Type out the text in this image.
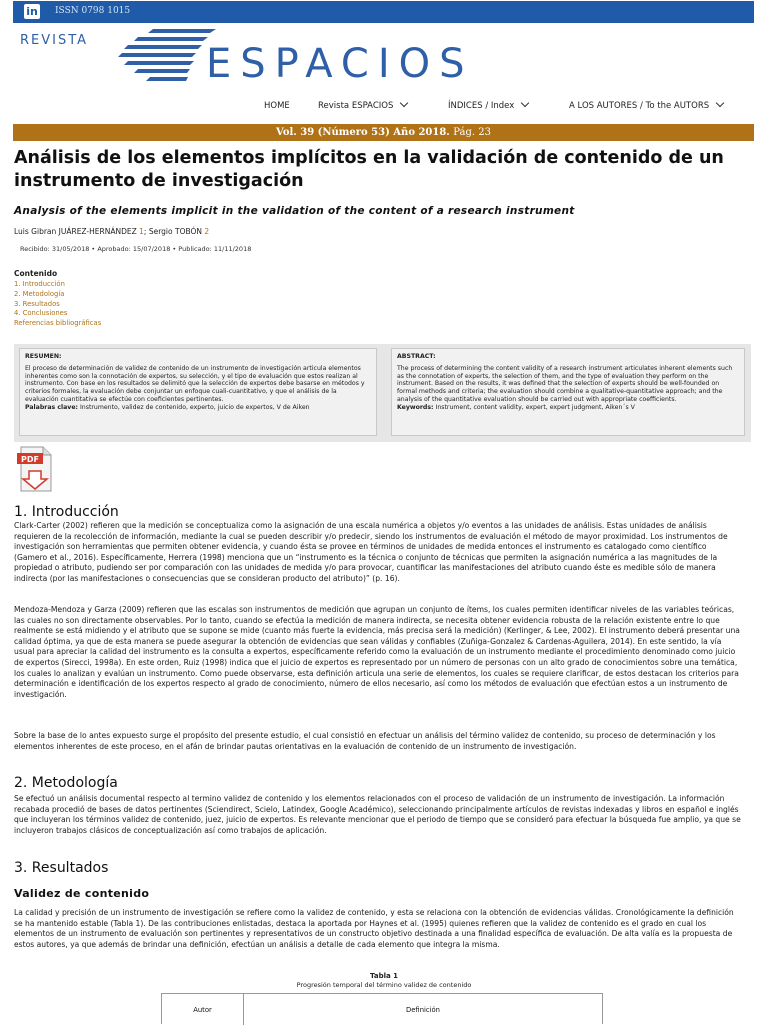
in ISSN 0798 1015
REVISTA
ESPACIOS
HOME	Revista ESPACIOS	ÍNDICES / Index	A LOS AUTORES / To the AUTORS
Vol. 39 (Número 53) Año 2018. Pág. 23
Análisis de los elementos implícitos en la validación de contenido de un instrumento de investigación
Analysis of the elements implicit in the validation of the content of a research instrument
Luis Gibran JUÁREZ-HERNÁNDEZ 1; Sergio TOBÓN 2
Recibido: 31/05/2018 • Aprobado: 15/07/2018 • Publicado: 11/11/2018
Contenido
1. Introducción
2. Metodología
3. Resultados
4. Conclusiones
Referencias bibliográficas
RESUMEN:
El proceso de determinación de validez de contenido de un instrumento de investigación articula elementos inherentes como son la connotación de expertos, su selección, y el tipo de evaluación que estos realizan al instrumento. Con base en los resultados se delimitó que la selección de expertos debe basarse en métodos y criterios formales, la evaluación debe conjuntar un enfoque cuali-cuantitativo, y que el análisis de la evaluación cuantitativa se efectúe con coeficientes pertinentes.
Palabras clave: Instrumento, validez de contenido, experto, juicio de expertos, V de Aiken
ABSTRACT:
The process of determining the content validity of a research instrument articulates inherent elements such as the connotation of experts, the selection of them, and the type of evaluation they perform on the instrument. Based on the results, it was defined that the selection of experts should be well-founded on formal methods and criteria; the evaluation should combine a qualitative-quantitative approach; and the analysis of the quantitative evaluation should be carried out with appropriate coefficients.
Keywords: Instrument, content validity, expert, expert judgment, Aiken´s V
PDF
1. Introducción

Clark-Carter (2002) refieren que la medición se conceptualiza como la asignación de una escala numérica a objetos y/o eventos a las unidades de análisis. Estas unidades de análisis requieren de la recolección de información, mediante la cual se pueden describir y/o predecir, siendo los instrumentos de evaluación el método de mayor proximidad. Los instrumentos de investigación son herramientas que permiten obtener evidencia, y cuando ésta se provee en términos de unidades de medida entonces el instrumento es catalogado como científico (Gamero et al., 2016). Específicamente, Herrera (1998) menciona que un “instrumento es la técnica o conjunto de técnicas que permiten la asignación numérica a las magnitudes de la propiedad o atributo, pudiendo ser por comparación con las unidades de medida y/o para provocar, cuantificar las manifestaciones del atributo cuando éste es medible sólo de manera indirecta (por las manifestaciones o consecuencias que se consideran producto del atributo)” (p. 16).

Mendoza-Mendoza y Garza (2009) refieren que las escalas son instrumentos de medición que agrupan un conjunto de ítems, los cuales permiten identificar niveles de las variables teóricas, las cuales no son directamente observables. Por lo tanto, cuando se efectúa la medición de manera indirecta, se necesita obtener evidencia robusta de la relación existente entre lo que realmente se está midiendo y el atributo que se supone se mide (cuanto más fuerte la evidencia, más precisa será la medición) (Kerlinger, & Lee, 2002). El instrumento deberá presentar una calidad óptima, ya que de esta manera se puede asegurar la obtención de evidencias que sean válidas y confiables (Zuñiga-Gonzalez & Cardenas-Aguilera, 2014). En este sentido, la vía usual para apreciar la calidad del instrumento es la consulta a expertos, específicamente referido como la evaluación de un instrumento mediante el procedimiento denominado como juicio de expertos (Sirecci, 1998a). En este orden, Ruiz (1998) indica que el juicio de expertos es representado por un número de personas con un alto grado de conocimientos sobre una temática, los cuales lo analizan y evalúan un instrumento. Como puede observarse, esta definición articula una serie de elementos, los cuales se requiere clarificar, de estos destacan los criterios para determinación e identificación de los expertos respecto al grado de conocimiento, número de ellos necesario, así como los métodos de evaluación que efectúan estos a un instrumento de investigación.

Sobre la base de lo antes expuesto surge el propósito del presente estudio, el cual consistió en efectuar un análisis del término validez de contenido, su proceso de determinación y los elementos inherentes de este proceso, en el afán de brindar pautas orientativas en la evaluación de contenido de un instrumento de investigación.

2. Metodología

Se efectuó un análisis documental respecto al termino validez de contenido y los elementos relacionados con el proceso de validación de un instrumento de investigación. La información recabada procedió de bases de datos pertinentes (Sciendirect, Scielo, Latindex, Google Académico), seleccionando principalmente artículos de revistas indexadas y libros en español e inglés que incluyeran los términos validez de contenido, juez, juicio de expertos. Es relevante mencionar que el periodo de tiempo que se consideró para efectuar la búsqueda fue amplio, ya que se incluyeron trabajos clásicos de conceptualización así como trabajos de aplicación.

3. Resultados
Validez de contenido

La calidad y precisión de un instrumento de investigación se refiere como la validez de contenido, y esta se relaciona con la obtención de evidencias válidas. Cronológicamente la definición se ha mantenido estable (Tabla 1). De las contribuciones enlistadas, destaca la aportada por Haynes et al. (1995) quienes refieren que la validez de contenido es el grado en cual los elementos de un instrumento de evaluación son pertinentes y representativos de un constructo objetivo destinada a una finalidad específica de evaluación. De alta valía es la propuesta de estos autores, ya que además de brindar una definición, efectúan un análisis a detalle de cada elemento que integra la misma.

Tabla 1
Progresión temporal del término validez de contenido
Autor	Definición
